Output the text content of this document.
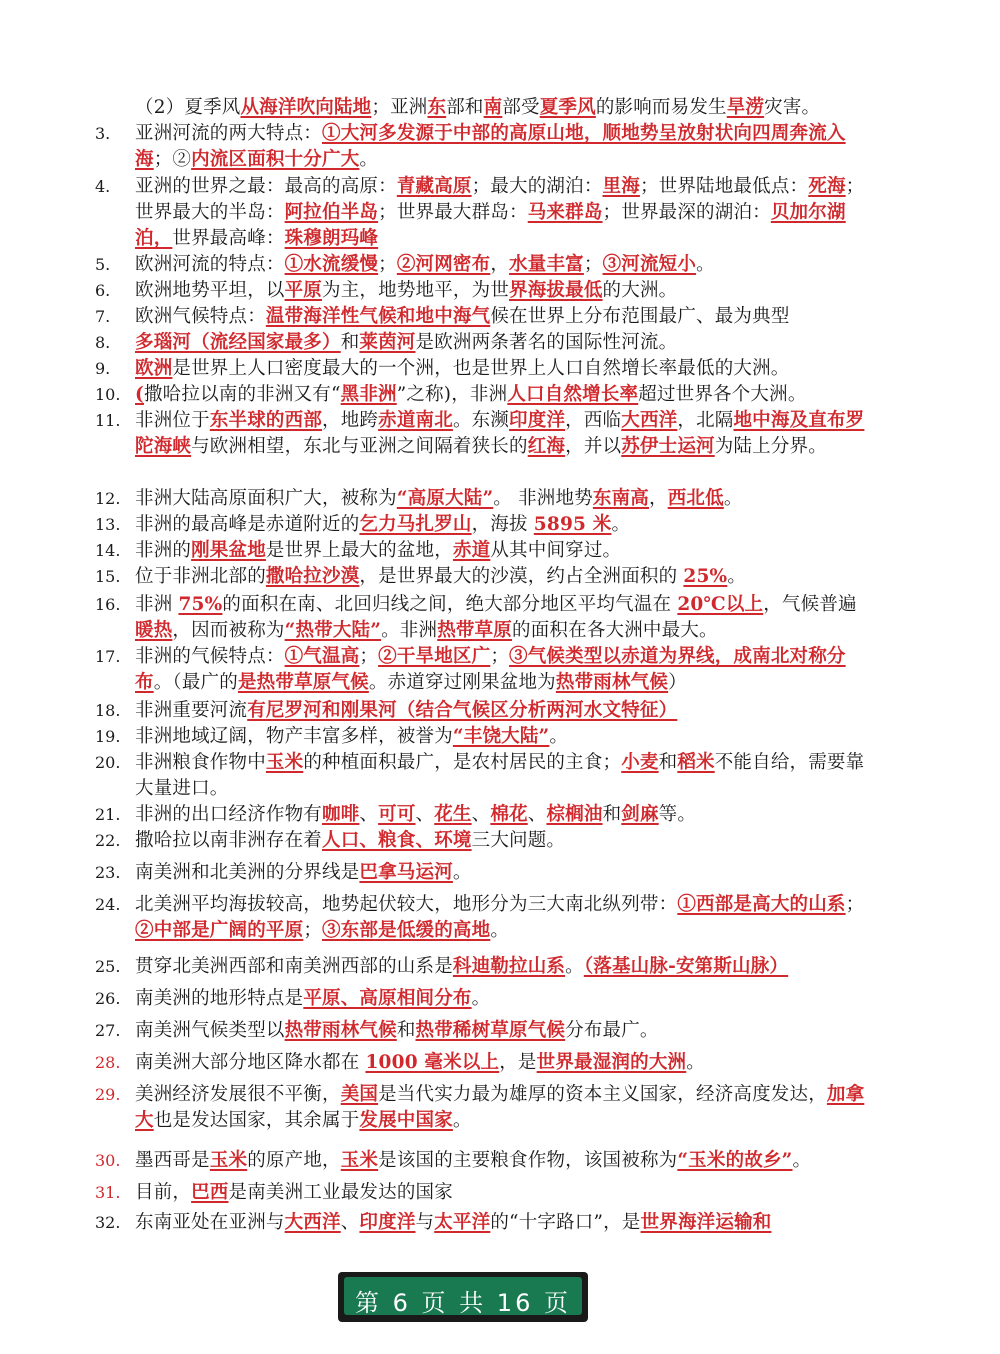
（2）夏季风从海洋吹向陆地；亚洲东部和南部受夏季风的影响而易发生旱涝灾害。
3.	亚洲河流的两大特点：①大河多发源于中部的高原山地，顺地势呈放射状向四周奔流入海；②内流区面积十分广大。
4.	亚洲的世界之最：最高的高原：青藏高原；最大的湖泊：里海；世界陆地最低点：死海；世界最大的半岛：阿拉伯半岛；世界最大群岛：马来群岛；世界最深的湖泊：贝加尔湖泊，世界最高峰：珠穆朗玛峰
5.	欧洲河流的特点：①水流缓慢；②河网密布，水量丰富；③河流短小。
6.	欧洲地势平坦，以平原为主，地势地平，为世界海拔最低的大洲。
7.	欧洲气候特点：温带海洋性气候和地中海气候在世界上分布范围最广、最为典型
8.	多瑙河（流经国家最多）和莱茵河是欧洲两条著名的国际性河流。
9.	欧洲是世界上人口密度最大的一个洲，也是世界上人口自然增长率最低的大洲。
10. (撒哈拉以南的非洲又有“黑非洲”之称)，非洲人口自然增长率超过世界各个大洲。
11. 非洲位于东半球的西部，地跨赤道南北。东濒印度洋，西临大西洋，北隔地中海及直布罗陀海峡与欧洲相望，东北与亚洲之间隔着狭长的红海，并以苏伊士运河为陆上分界。
12. 非洲大陆高原面积广大，被称为“高原大陆”。 非洲地势东南高，西北低。
13. 非洲的最高峰是赤道附近的乞力马扎罗山，海拔 5895 米。
14. 非洲的刚果盆地是世界上最大的盆地，赤道从其中间穿过。
15. 位于非洲北部的撒哈拉沙漠，是世界最大的沙漠，约占全洲面积的 25%。
16. 非洲 75%的面积在南、北回归线之间，绝大部分地区平均气温在 20℃以上，气候普遍暖热，因而被称为“热带大陆”。非洲热带草原的面积在各大洲中最大。
17. 非洲的气候特点：①气温高；②干旱地区广；③气候类型以赤道为界线，成南北对称分布。（最广的是热带草原气候。赤道穿过刚果盆地为热带雨林气候）
18. 非洲重要河流有尼罗河和刚果河（结合气候区分析两河水文特征）
19. 非洲地域辽阔，物产丰富多样，被誉为“丰饶大陆”。
20. 非洲粮食作物中玉米的种植面积最广，是农村居民的主食；小麦和稻米不能自给，需要靠大量进口。
21. 非洲的出口经济作物有咖啡、可可、花生、棉花、棕榈油和剑麻等。
22. 撒哈拉以南非洲存在着人口、粮食、环境三大问题。
23. 南美洲和北美洲的分界线是巴拿马运河。
24. 北美洲平均海拔较高，地势起伏较大，地形分为三大南北纵列带：①西部是高大的山系；②中部是广阔的平原；③东部是低缓的高地。
25. 贯穿北美洲西部和南美洲西部的山系是科迪勒拉山系。（落基山脉-安第斯山脉）
26. 南美洲的地形特点是平原、高原相间分布。
27. 南美洲气候类型以热带雨林气候和热带稀树草原气候分布最广。
28. 南美洲大部分地区降水都在 1000 毫米以上，是世界最湿润的大洲。
29. 美洲经济发展很不平衡，美国是当代实力最为雄厚的资本主义国家，经济高度发达，加拿大也是发达国家，其余属于发展中国家。
30. 墨西哥是玉米的原产地，玉米是该国的主要粮食作物，该国被称为“玉米的故乡”。
31. 目前，巴西是南美洲工业最发达的国家
32. 东南亚处在亚洲与大西洋、印度洋与太平洋的“十字路口”，是世界海洋运输和
第 6 页 共 16 页
